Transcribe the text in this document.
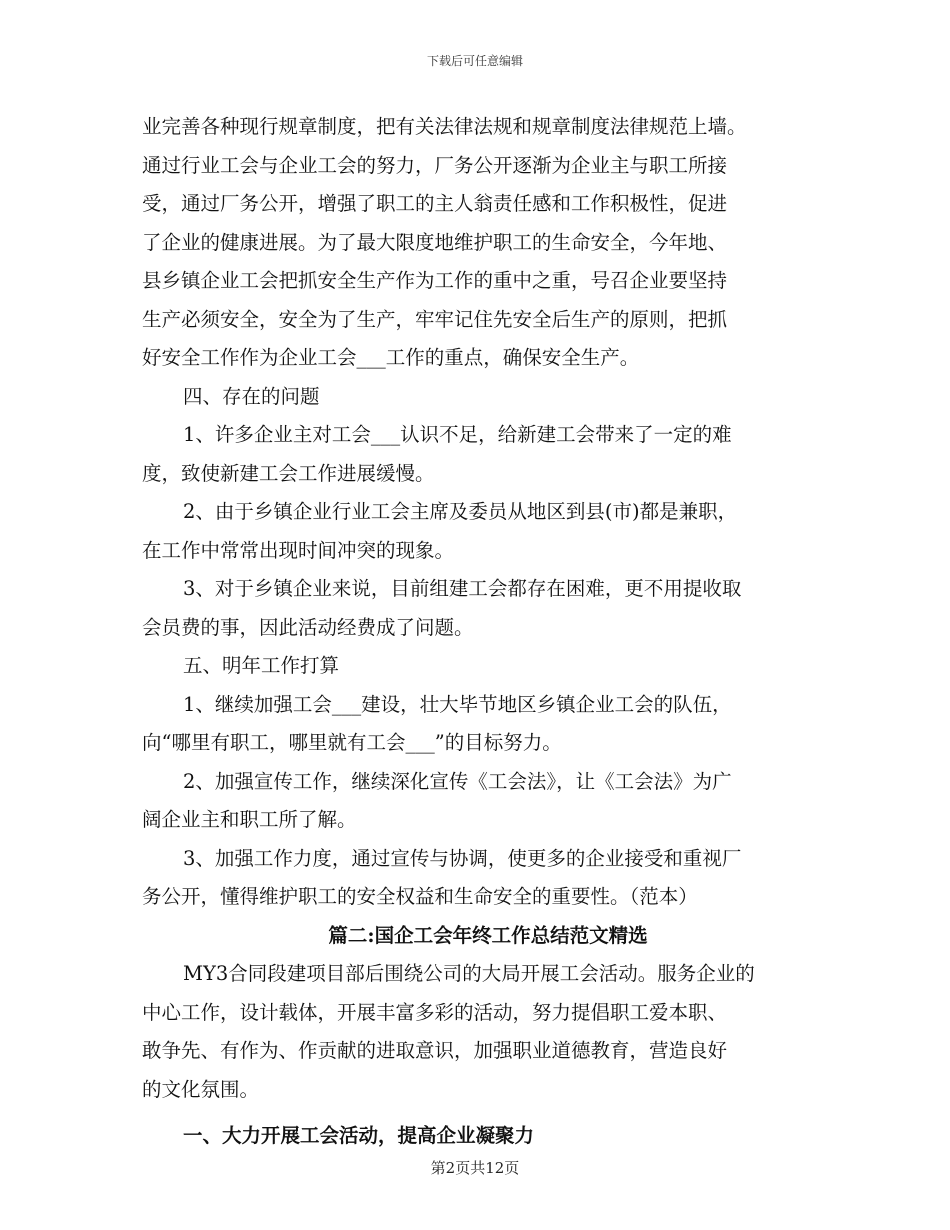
下载后可任意编辑

业完善各种现行规章制度，把有关法律法规和规章制度法律规范上墙。

通过行业工会与企业工会的努力，厂务公开逐渐为企业主与职工所接

受，通过厂务公开，增强了职工的主人翁责任感和工作积极性，促进

了企业的健康进展。为了最大限度地维护职工的生命安全，今年地、

县乡镇企业工会把抓安全生产作为工作的重中之重，号召企业要坚持

生产必须安全，安全为了生产，牢牢记住先安全后生产的原则，把抓

好安全工作作为企业工会___工作的重点，确保安全生产。

四、存在的问题

1、许多企业主对工会___认识不足，给新建工会带来了一定的难

度，致使新建工会工作进展缓慢。

2、由于乡镇企业行业工会主席及委员从地区到县(市)都是兼职，

在工作中常常出现时间冲突的现象。

3、对于乡镇企业来说，目前组建工会都存在困难，更不用提收取

会员费的事，因此活动经费成了问题。

五、明年工作打算

1、继续加强工会___建设，壮大毕节地区乡镇企业工会的队伍，

向“哪里有职工，哪里就有工会___”的目标努力。

2、加强宣传工作，继续深化宣传《工会法》，让《工会法》为广

阔企业主和职工所了解。

3、加强工作力度，通过宣传与协调，使更多的企业接受和重视厂

务公开，懂得维护职工的安全权益和生命安全的重要性。（范本）

篇二:国企工会年终工作总结范文精选

MY3合同段建项目部后围绕公司的大局开展工会活动。服务企业的

中心工作，设计载体，开展丰富多彩的活动，努力提倡职工爱本职、

敢争先、有作为、作贡献的进取意识，加强职业道德教育，营造良好

的文化氛围。

一、大力开展工会活动，提高企业凝聚力

第2页共12页
